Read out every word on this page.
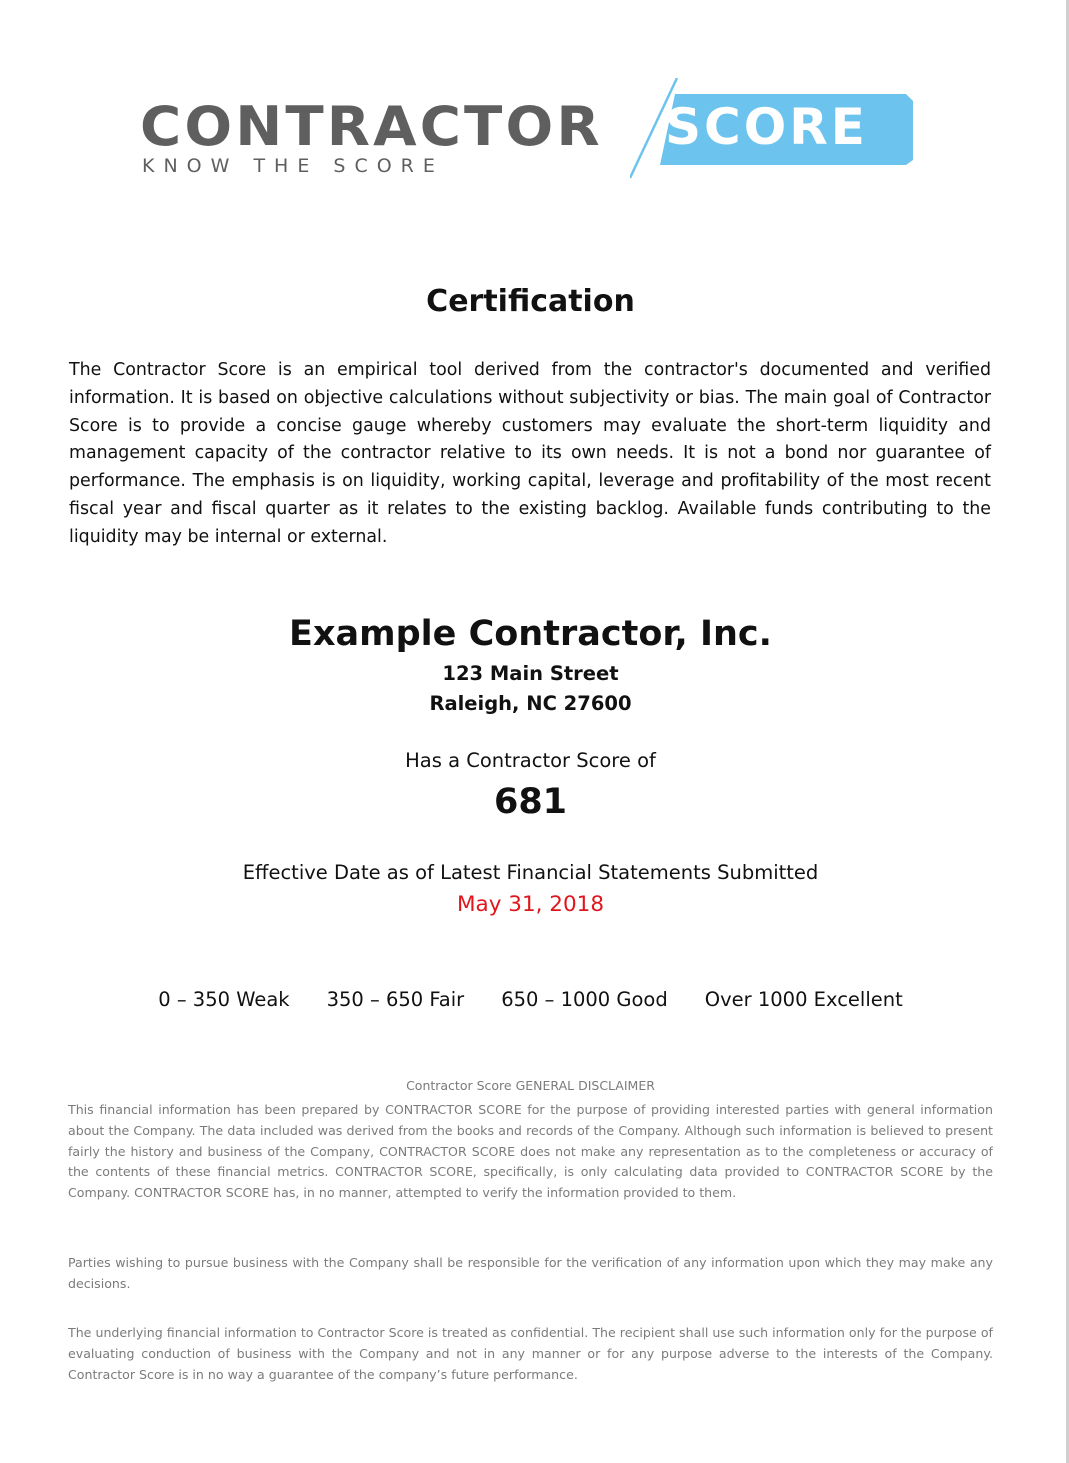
CONTRACTOR SCORE
KNOW THE SCORE
Certification

The Contractor Score is an empirical tool derived from the contractor's documented and verified information. It is based on objective calculations without subjectivity or bias. The main goal of Contractor Score is to provide a concise gauge whereby customers may evaluate the short-term liquidity and management capacity of the contractor relative to its own needs. It is not a bond nor guarantee of performance. The emphasis is on liquidity, working capital, leverage and profitability of the most recent fiscal year and fiscal quarter as it relates to the existing backlog. Available funds contributing to the liquidity may be internal or external.

Example Contractor, Inc.
123 Main Street
Raleigh, NC 27600
Has a Contractor Score of
681
Effective Date as of Latest Financial Statements Submitted
May 31, 2018
0 – 350 Weak 350 – 650 Fair 650 – 1000 Good Over 1000 Excellent
Contractor Score GENERAL DISCLAIMER

This financial information has been prepared by CONTRACTOR SCORE for the purpose of providing interested parties with general information about the Company. The data included was derived from the books and records of the Company. Although such information is believed to present fairly the history and business of the Company, CONTRACTOR SCORE does not make any representation as to the completeness or accuracy of the contents of these financial metrics. CONTRACTOR SCORE, specifically, is only calculating data provided to CONTRACTOR SCORE by the Company. CONTRACTOR SCORE has, in no manner, attempted to verify the information provided to them.

Parties wishing to pursue business with the Company shall be responsible for the verification of any information upon which they may make any decisions.

The underlying financial information to Contractor Score is treated as confidential. The recipient shall use such information only for the purpose of evaluating conduction of business with the Company and not in any manner or for any purpose adverse to the interests of the Company. Contractor Score is in no way a guarantee of the company’s future performance.
